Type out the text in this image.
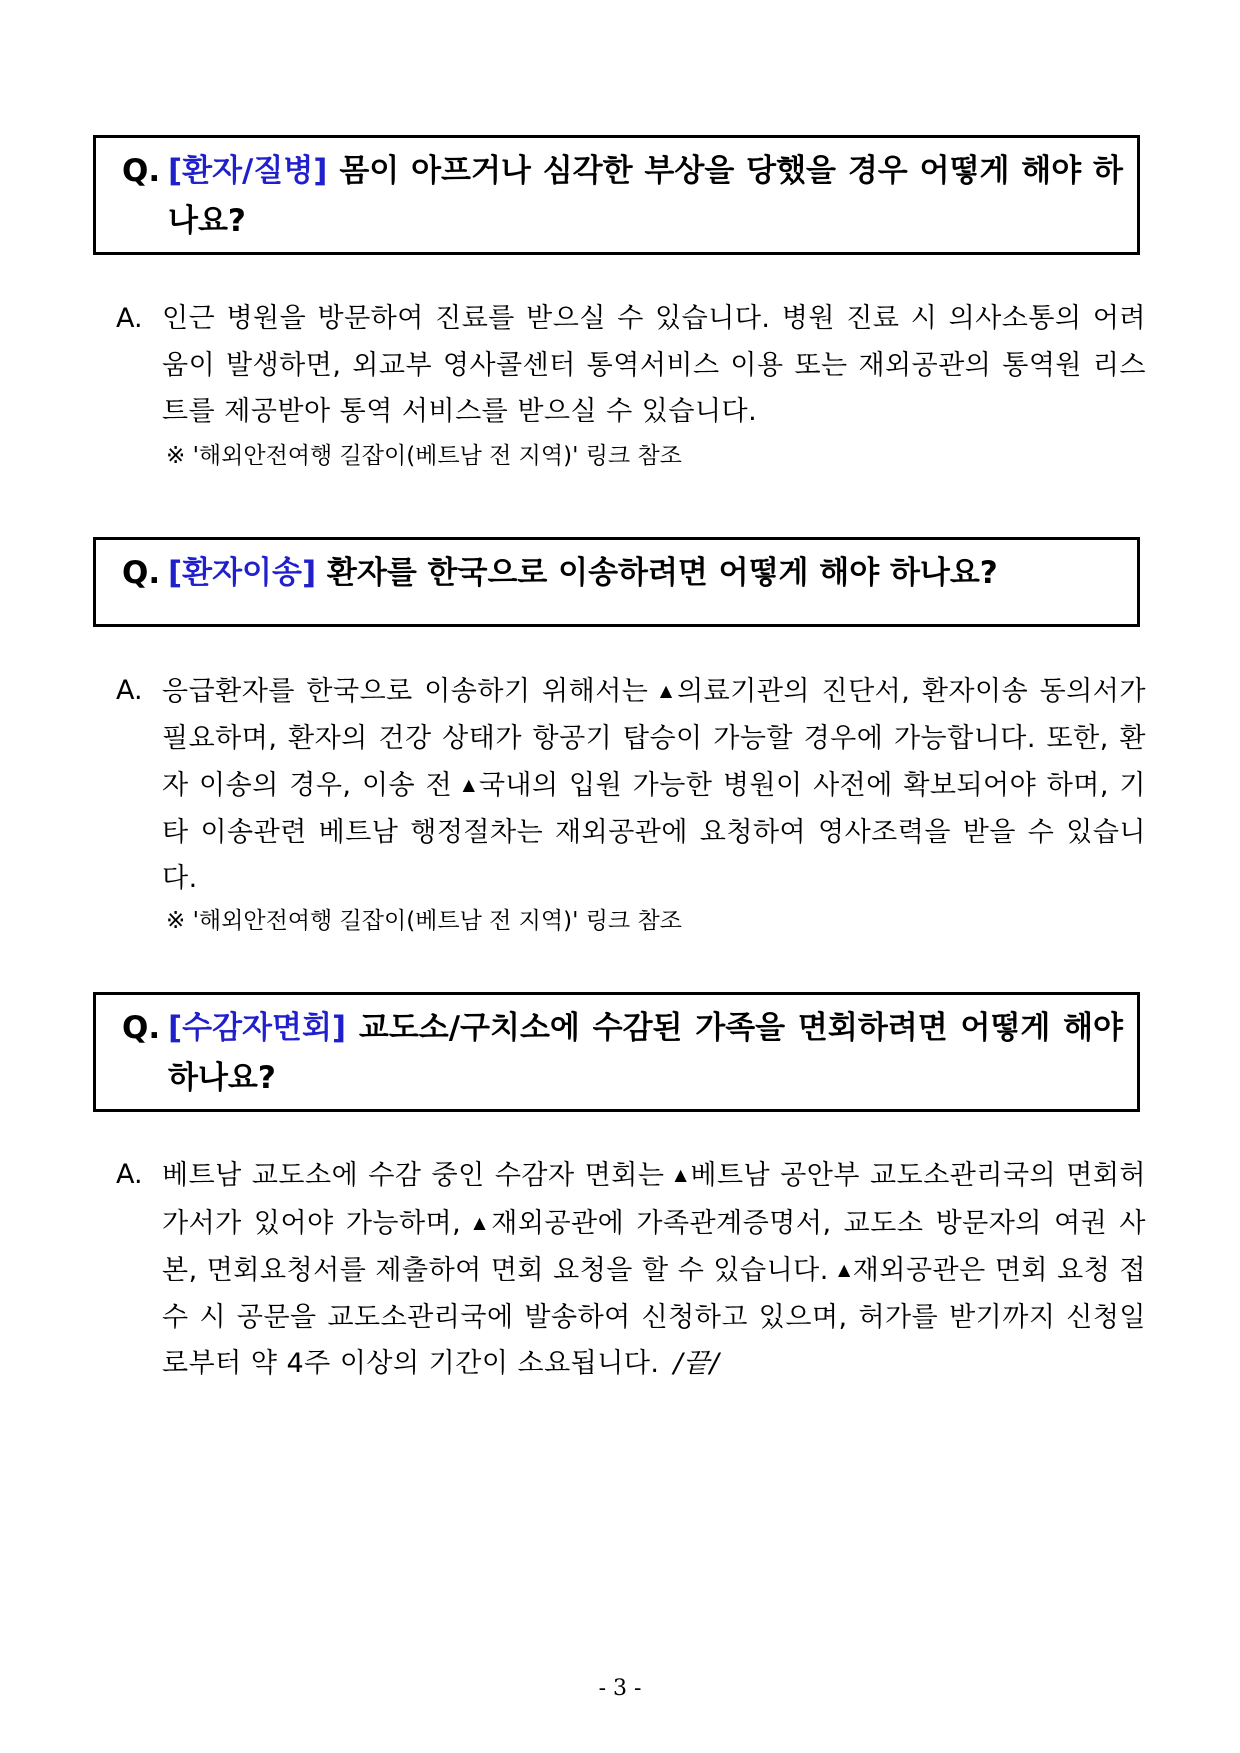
Q. [환자/질병] 몸이 아프거나 심각한 부상을 당했을 경우 어떻게 해야 하나요?
A. 인근 병원을 방문하여 진료를 받으실 수 있습니다. 병원 진료 시 의사소통의 어려움이 발생하면, 외교부 영사콜센터 통역서비스 이용 또는 재외공관의 통역원 리스트를 제공받아 통역 서비스를 받으실 수 있습니다.
※ '해외안전여행 길잡이(베트남 전 지역)' 링크 참조
Q. [환자이송] 환자를 한국으로 이송하려면 어떻게 해야 하나요?
A. 응급환자를 한국으로 이송하기 위해서는 ▲의료기관의 진단서, 환자이송 동의서가 필요하며, 환자의 건강 상태가 항공기 탑승이 가능할 경우에 가능합니다. 또한, 환자 이송의 경우, 이송 전 ▲국내의 입원 가능한 병원이 사전에 확보되어야 하며, 기타 이송관련 베트남 행정절차는 재외공관에 요청하여 영사조력을 받을 수 있습니다.
※ '해외안전여행 길잡이(베트남 전 지역)' 링크 참조
Q. [수감자면회] 교도소/구치소에 수감된 가족을 면회하려면 어떻게 해야 하나요?
A. 베트남 교도소에 수감 중인 수감자 면회는 ▲베트남 공안부 교도소관리국의 면회허가서가 있어야 가능하며, ▲재외공관에 가족관계증명서, 교도소 방문자의 여권 사본, 면회요청서를 제출하여 면회 요청을 할 수 있습니다. ▲재외공관은 면회 요청 접수 시 공문을 교도소관리국에 발송하여 신청하고 있으며, 허가를 받기까지 신청일로부터 약 4주 이상의 기간이 소요됩니다. /끝/
- 3 -
